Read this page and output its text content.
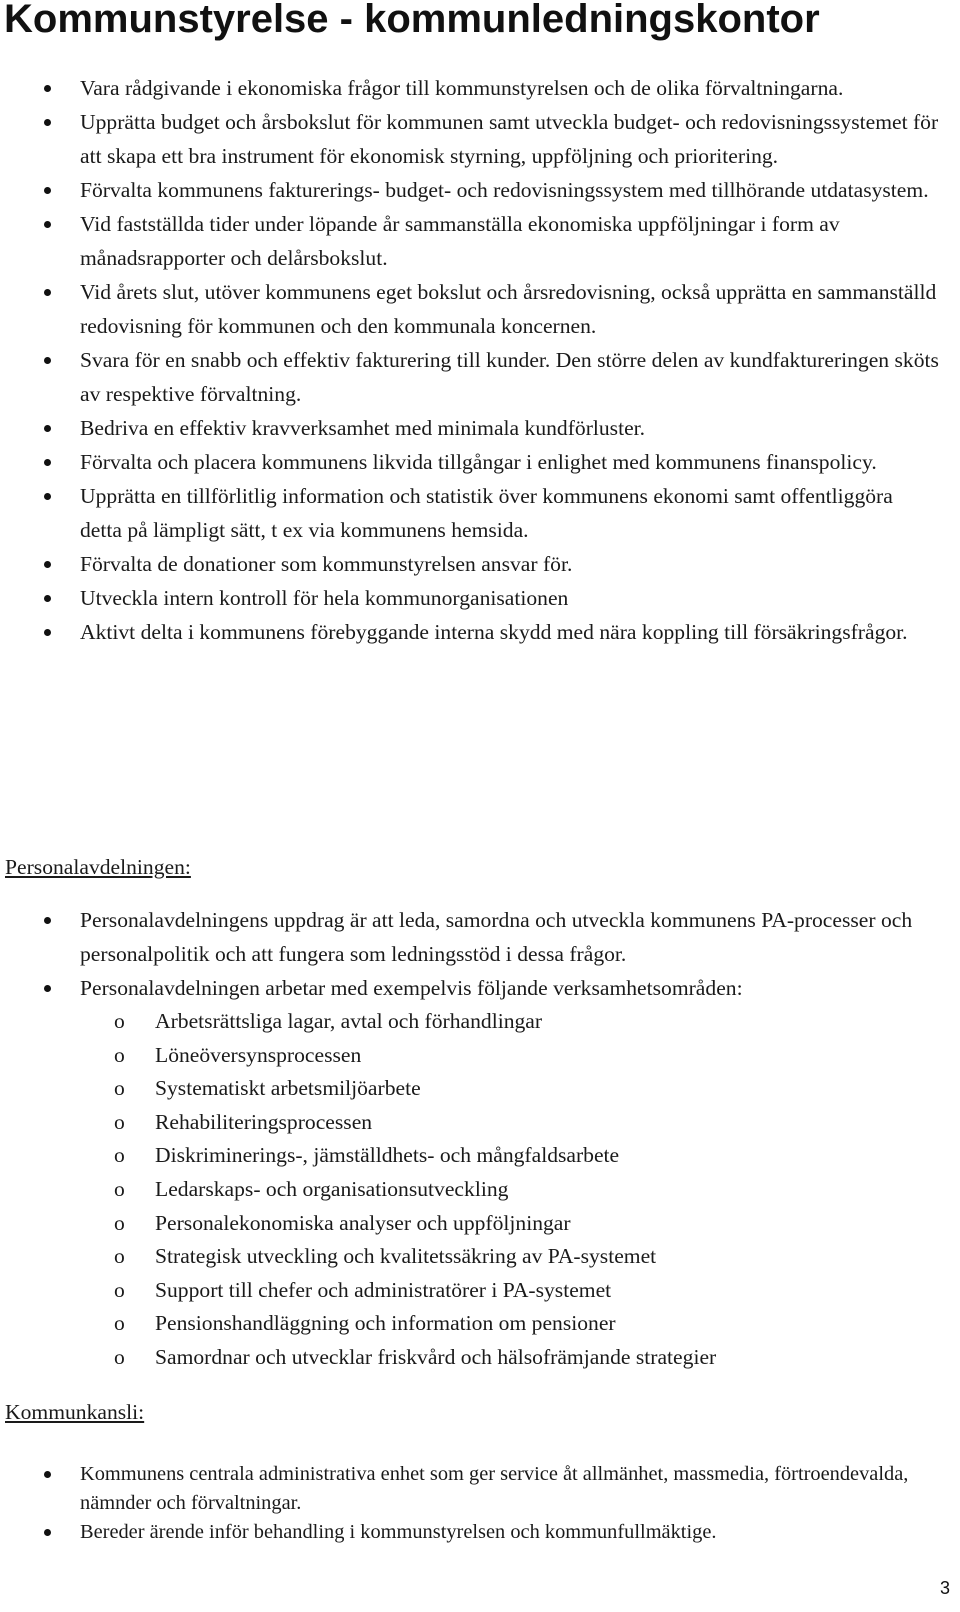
Kommunstyrelse - kommunledningskontor
Vara rådgivande i ekonomiska frågor till kommunstyrelsen och de olika förvaltningarna.
Upprätta budget och årsbokslut för kommunen samt utveckla budget- och redovisningssystemet för att skapa ett bra instrument för ekonomisk styrning, uppföljning och prioritering.
Förvalta kommunens fakturerings- budget- och redovisningssystem med tillhörande utdatasystem.
Vid fastställda tider under löpande år sammanställa ekonomiska uppföljningar i form av månadsrapporter och delårsbokslut.
Vid årets slut, utöver kommunens eget bokslut och årsredovisning, också upprätta en sammanställd redovisning för kommunen och den kommunala koncernen.
Svara för en snabb och effektiv fakturering till kunder. Den större delen av kundfaktureringen sköts av respektive förvaltning.
Bedriva en effektiv kravverksamhet med minimala kundförluster.
Förvalta och placera kommunens likvida tillgångar i enlighet med kommunens finanspolicy.
Upprätta en tillförlitlig information och statistik över kommunens ekonomi samt offentliggöra detta på lämpligt sätt, t ex via kommunens hemsida.
Förvalta de donationer som kommunstyrelsen ansvar för.
Utveckla intern kontroll för hela kommunorganisationen
Aktivt delta i kommunens förebyggande interna skydd med nära koppling till försäkringsfrågor.
Personalavdelningen:
Personalavdelningens uppdrag är att leda, samordna och utveckla kommunens PA-processer och personalpolitik och att fungera som ledningsstöd i dessa frågor.
Personalavdelningen arbetar med exempelvis följande verksamhetsområden:
o Arbetsrättsliga lagar, avtal och förhandlingar
o Löneöversynsprocessen
o Systematiskt arbetsmiljöarbete
o Rehabiliteringsprocessen
o Diskriminerings-, jämställdhets- och mångfaldsarbete
o Ledarskaps- och organisationsutveckling
o Personalekonomiska analyser och uppföljningar
o Strategisk utveckling och kvalitetssäkring av PA-systemet
o Support till chefer och administratörer i PA-systemet
o Pensionshandläggning och information om pensioner
o Samordnar och utvecklar friskvård och hälsofrämjande strategier
Kommunkansli:
Kommunens centrala administrativa enhet som ger service åt allmänhet, massmedia, förtroendevalda, nämnder och förvaltningar.
Bereder ärende inför behandling i kommunstyrelsen och kommunfullmäktige.
3
